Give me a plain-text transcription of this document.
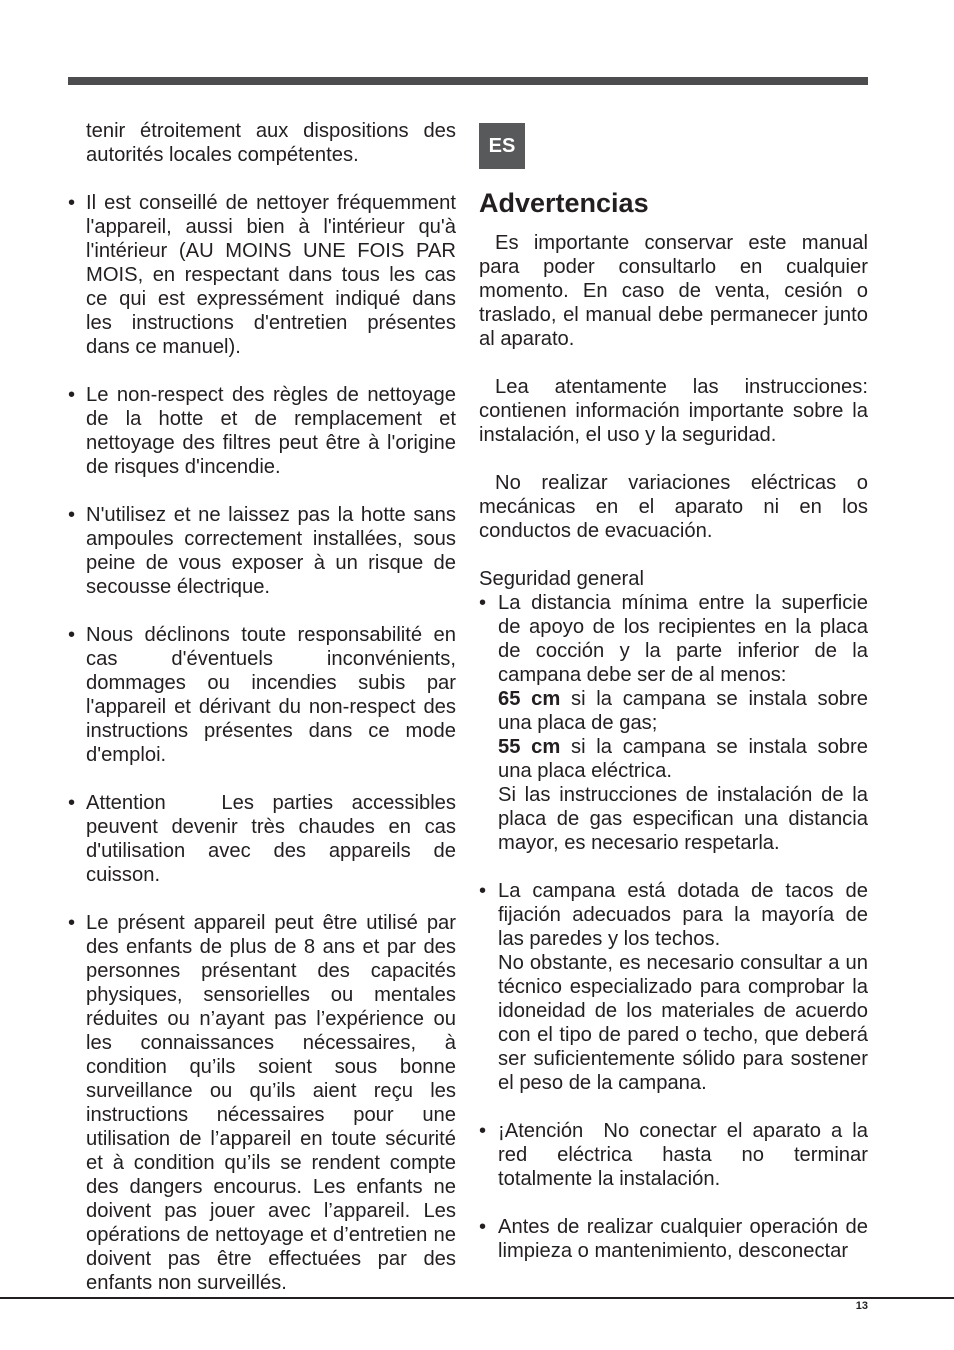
tenir étroitement aux dispositions des autorités locales compétentes.
• Il est conseillé de nettoyer fréquemment l'appareil, aussi bien à l'intérieur qu'à l'intérieur (AU MOINS UNE FOIS PAR MOIS, en respectant dans tous les cas ce qui est expressément indiqué dans les instructions d'entretien présentes dans ce manuel).
• Le non-respect des règles de nettoyage de la hotte et de remplacement et nettoyage des filtres peut être à l'origine de risques d'incendie.
• N'utilisez et ne laissez pas la hotte sans ampoules correctement installées, sous peine de vous exposer à un risque de secousse électrique.
• Nous déclinons toute responsabilité en cas d'éventuels inconvénients, dommages ou incendies subis par l'appareil et dérivant du non-respect des instructions présentes dans ce mode d'emploi.
• Attention   Les parties accessibles peuvent devenir très chaudes en cas d'utilisation avec des appareils de cuisson.
• Le présent appareil peut être utilisé par des enfants de plus de 8 ans et par des personnes présentant des capacités physiques, sensorielles ou mentales réduites ou n’ayant pas l’expérience ou les connaissances nécessaires, à condition qu’ils soient sous bonne surveillance ou qu’ils aient reçu les instructions nécessaires pour une utilisation de l’appareil en toute sécurité et à condition qu’ils se rendent compte des dangers encourus. Les enfants ne doivent pas jouer avec l’appareil. Les opérations de nettoyage et d’entretien ne doivent pas être effectuées par des enfants non surveillés.
ES
Advertencias
Es importante conservar este manual para poder consultarlo en cualquier momento. En caso de venta, cesión o traslado, el manual debe permanecer junto al aparato.
Lea atentamente las instrucciones: contienen información importante sobre la instalación, el uso y la seguridad.
No realizar variaciones eléctricas o mecánicas en el aparato ni en los conductos de evacuación.
Seguridad general
• La distancia mínima entre la superficie de apoyo de los recipientes en la placa de cocción y la parte inferior de la campana debe ser de al menos:
65 cm si la campana se instala sobre una placa de gas;
55 cm si la campana se instala sobre una placa eléctrica.
Si las instrucciones de instalación de la placa de gas especifican una distancia mayor, es necesario respetarla.
• La campana está dotada de tacos de fijación adecuados para la mayoría de las paredes y los techos.
No obstante, es necesario consultar a un técnico especializado para comprobar la idoneidad de los materiales de acuerdo con el tipo de pared o techo, que deberá ser suficientemente sólido para sostener el peso de la campana.
• ¡Atención  No conectar el aparato a la red eléctrica hasta no terminar totalmente la instalación.
• Antes de realizar cualquier operación de limpieza o mantenimiento, desconectar
13
